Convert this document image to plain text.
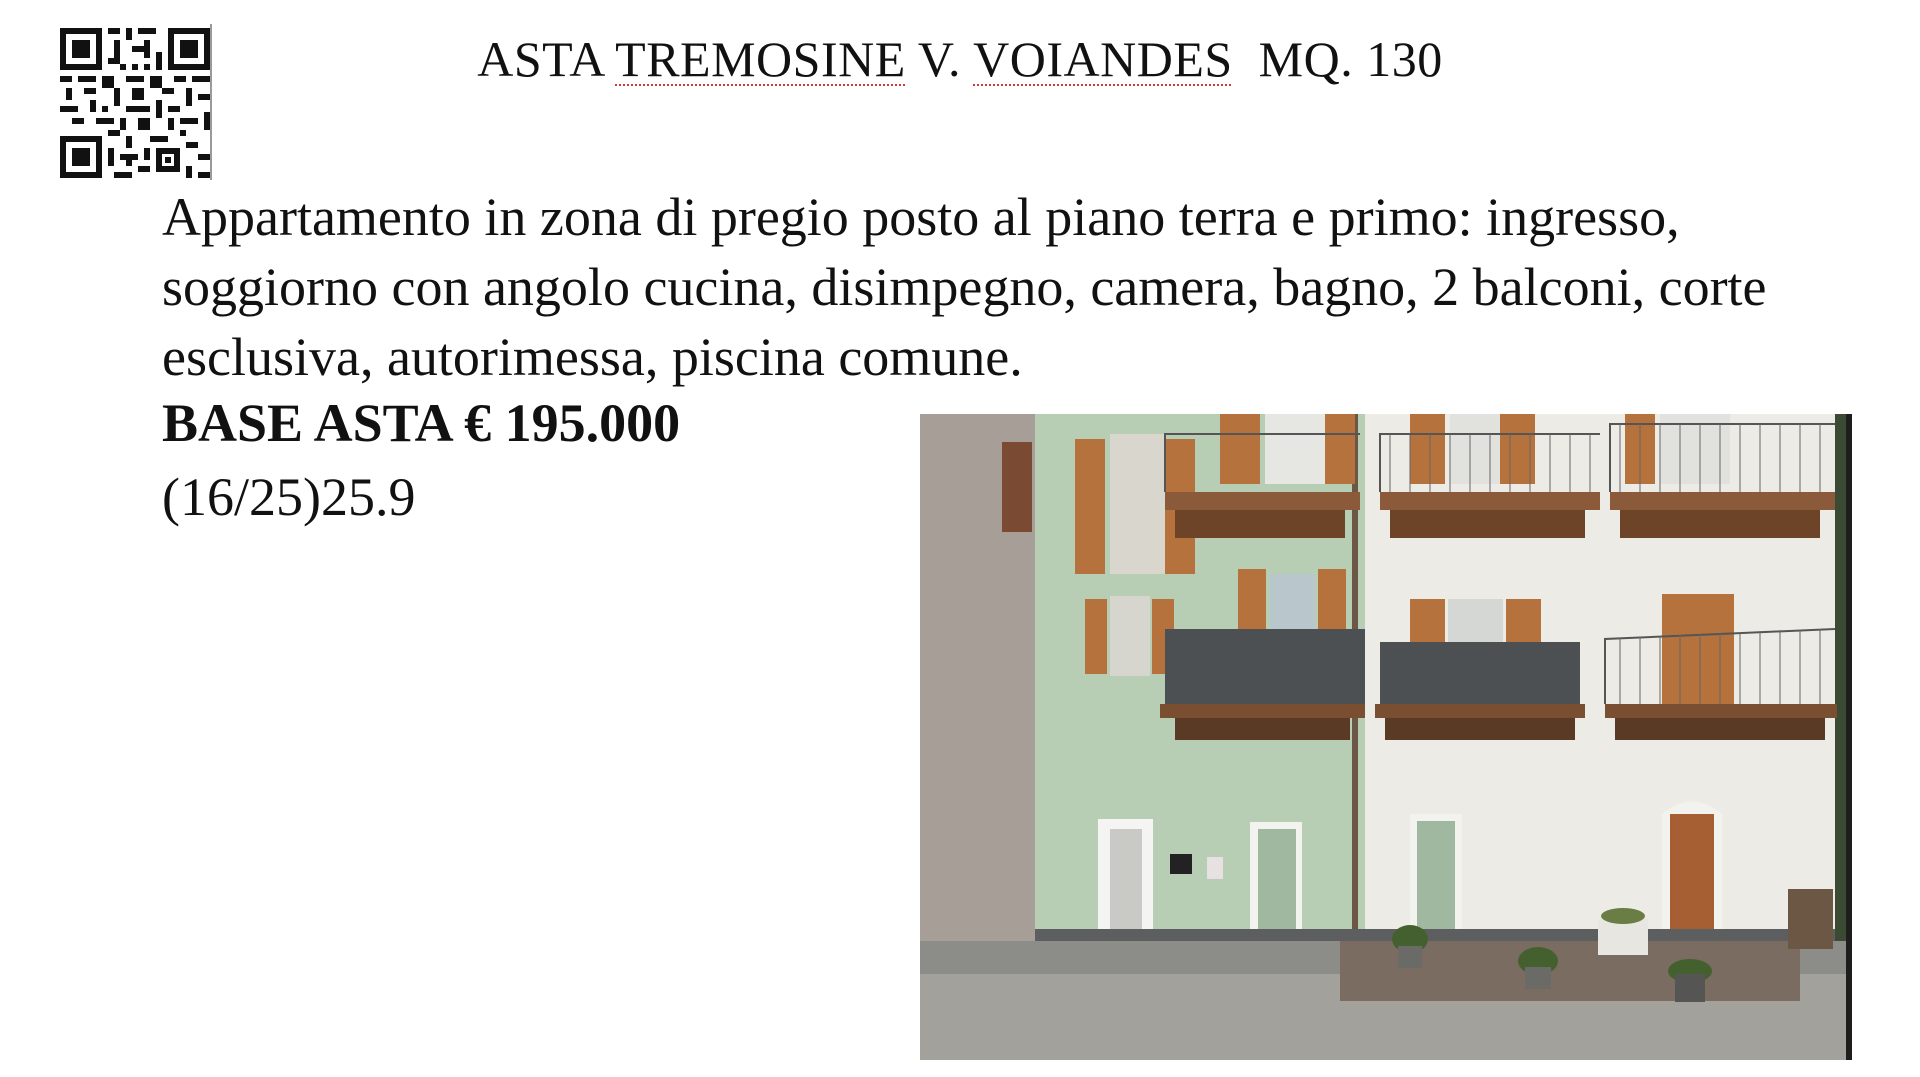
ASTA TREMOSINE V. VOIANDES  MQ. 130

Appartamento in zona di pregio posto al piano terra e primo: ingresso, soggiorno con angolo cucina, disimpegno, camera, bagno, 2 balconi, corte esclusiva, autorimessa, piscina comune.

BASE ASTA € 195.000
(16/25)25.9
